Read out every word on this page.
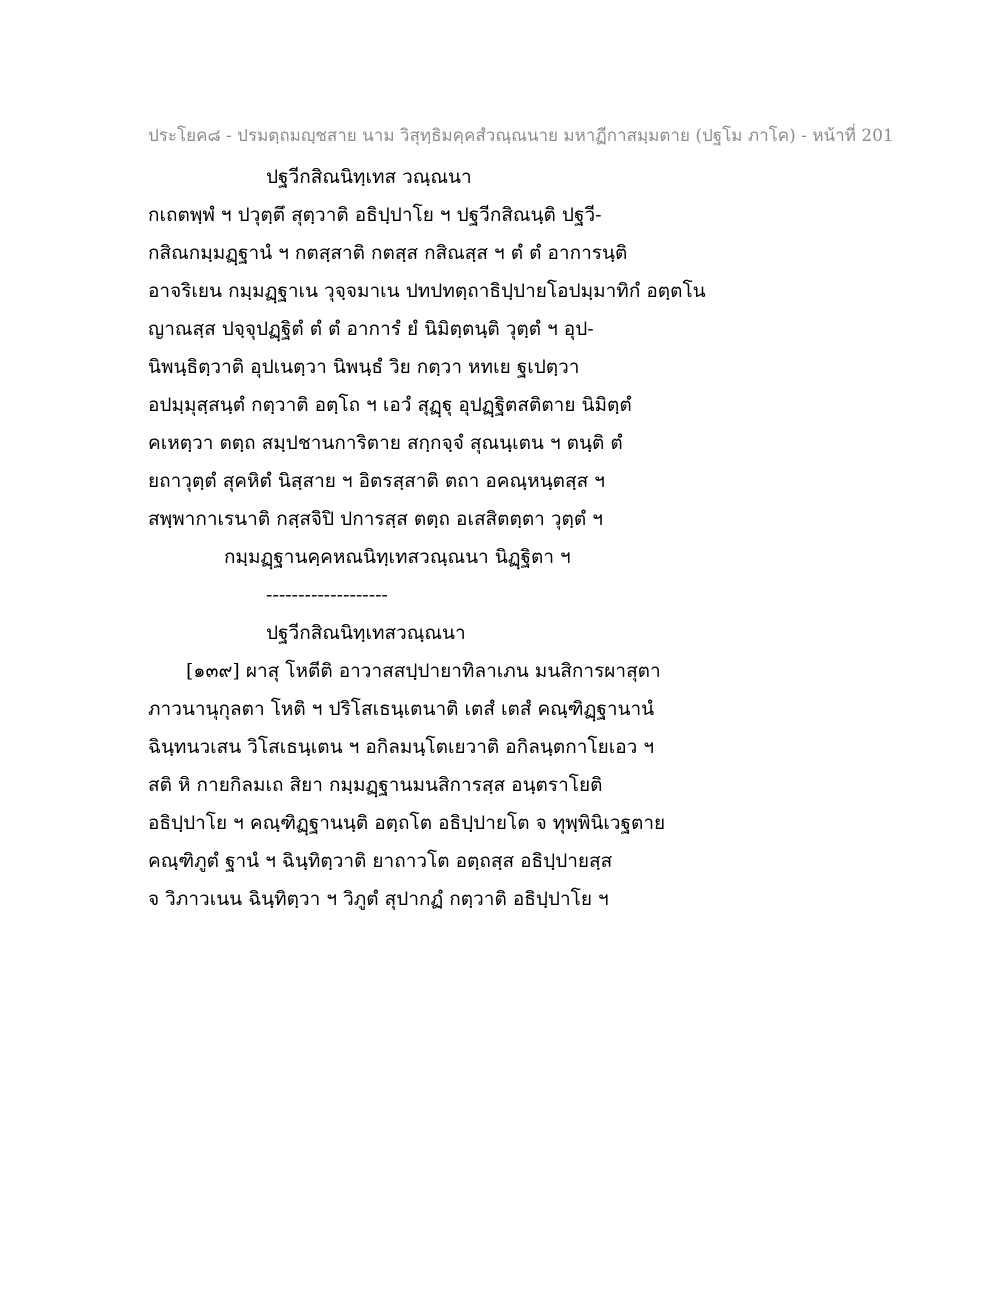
ประโยค๘ - ปรมตฺถมญฺชสาย นาม วิสุทฺธิมคฺคสํวณฺณนาย มหาฏีกาสมฺมตาย (ปฐโม ภาโค) - หน้าที่ 201
ปฐวีกสิณนิทฺเทส วณฺณนา
กเถตพฺพํ ฯ ปวุตฺตึ สุตฺวาติ อธิปฺปาโย ฯ ปฐวีกสิณนฺติ ปฐวี-
กสิณกมฺมฏฺฐานํ ฯ กตสฺสาติ กตสฺส กสิณสฺส ฯ ตํ ตํ อาการนฺติ
อาจริเยน กมฺมฏฺฐาเน วุจฺจมาเน ปทปทตฺถาธิปฺปายโอปมฺมาทิกํ อตฺตโน
ญาณสฺส ปจฺจุปฏฺฐิตํ ตํ ตํ อาการํ ยํ นิมิตฺตนฺติ วุตฺตํ ฯ อุป-
นิพนฺธิตฺวาติ อุปเนตฺวา นิพนฺธํ วิย กตฺวา หทเย ฐเปตฺวา
อปมฺมุสฺสนฺตํ กตฺวาติ อตฺโถ ฯ เอวํ สุฏฺฐุ อุปฏฺฐิตสติตาย นิมิตฺตํ
คเหตฺวา ตตฺถ สมฺปชานการิตาย สกฺกจฺจํ สุณนฺเตน ฯ ตนฺติ ตํ
ยถาวุตฺตํ สุคหิตํ นิสฺสาย ฯ อิตรสฺสาติ ตถา อคณฺหนฺตสฺส ฯ
สพฺพากาเรนาติ กสฺสจิปิ ปการสฺส ตตฺถ อเสสิตตฺตา วุตฺตํ ฯ
กมฺมฏฺฐานคฺคหณนิทฺเทสวณฺณนา นิฏฺฐิตา ฯ
-------------------
ปฐวีกสิณนิทฺเทสวณฺณนา
[๑๓๙] ผาสุ โหตีติ อาวาสสปฺปายาทิลาเภน มนสิการผาสุตา
ภาวนานุกุลตา โหติ ฯ ปริโสเธนฺเตนาติ เตสํ เตสํ คณฺฑิฏฺฐานานํ
ฉินฺทนวเสน วิโสเธนฺเตน ฯ อกิลมนฺโตเยวาติ อกิลนฺตกาโยเอว ฯ
สติ หิ กายกิลมเถ สิยา กมฺมฏฺฐานมนสิการสฺส อนฺตราโยติ
อธิปฺปาโย ฯ คณฺฑิฏฺฐานนฺติ อตฺถโต อธิปฺปายโต จ ทุพฺพินิเวฐตาย
คณฺฑิภูตํ ฐานํ ฯ ฉินฺทิตฺวาติ ยาถาวโต อตฺถสฺส อธิปฺปายสฺส
จ วิภาวเนน ฉินฺทิตฺวา ฯ วิภูตํ สุปากฏํ กตฺวาติ อธิปฺปาโย ฯ
